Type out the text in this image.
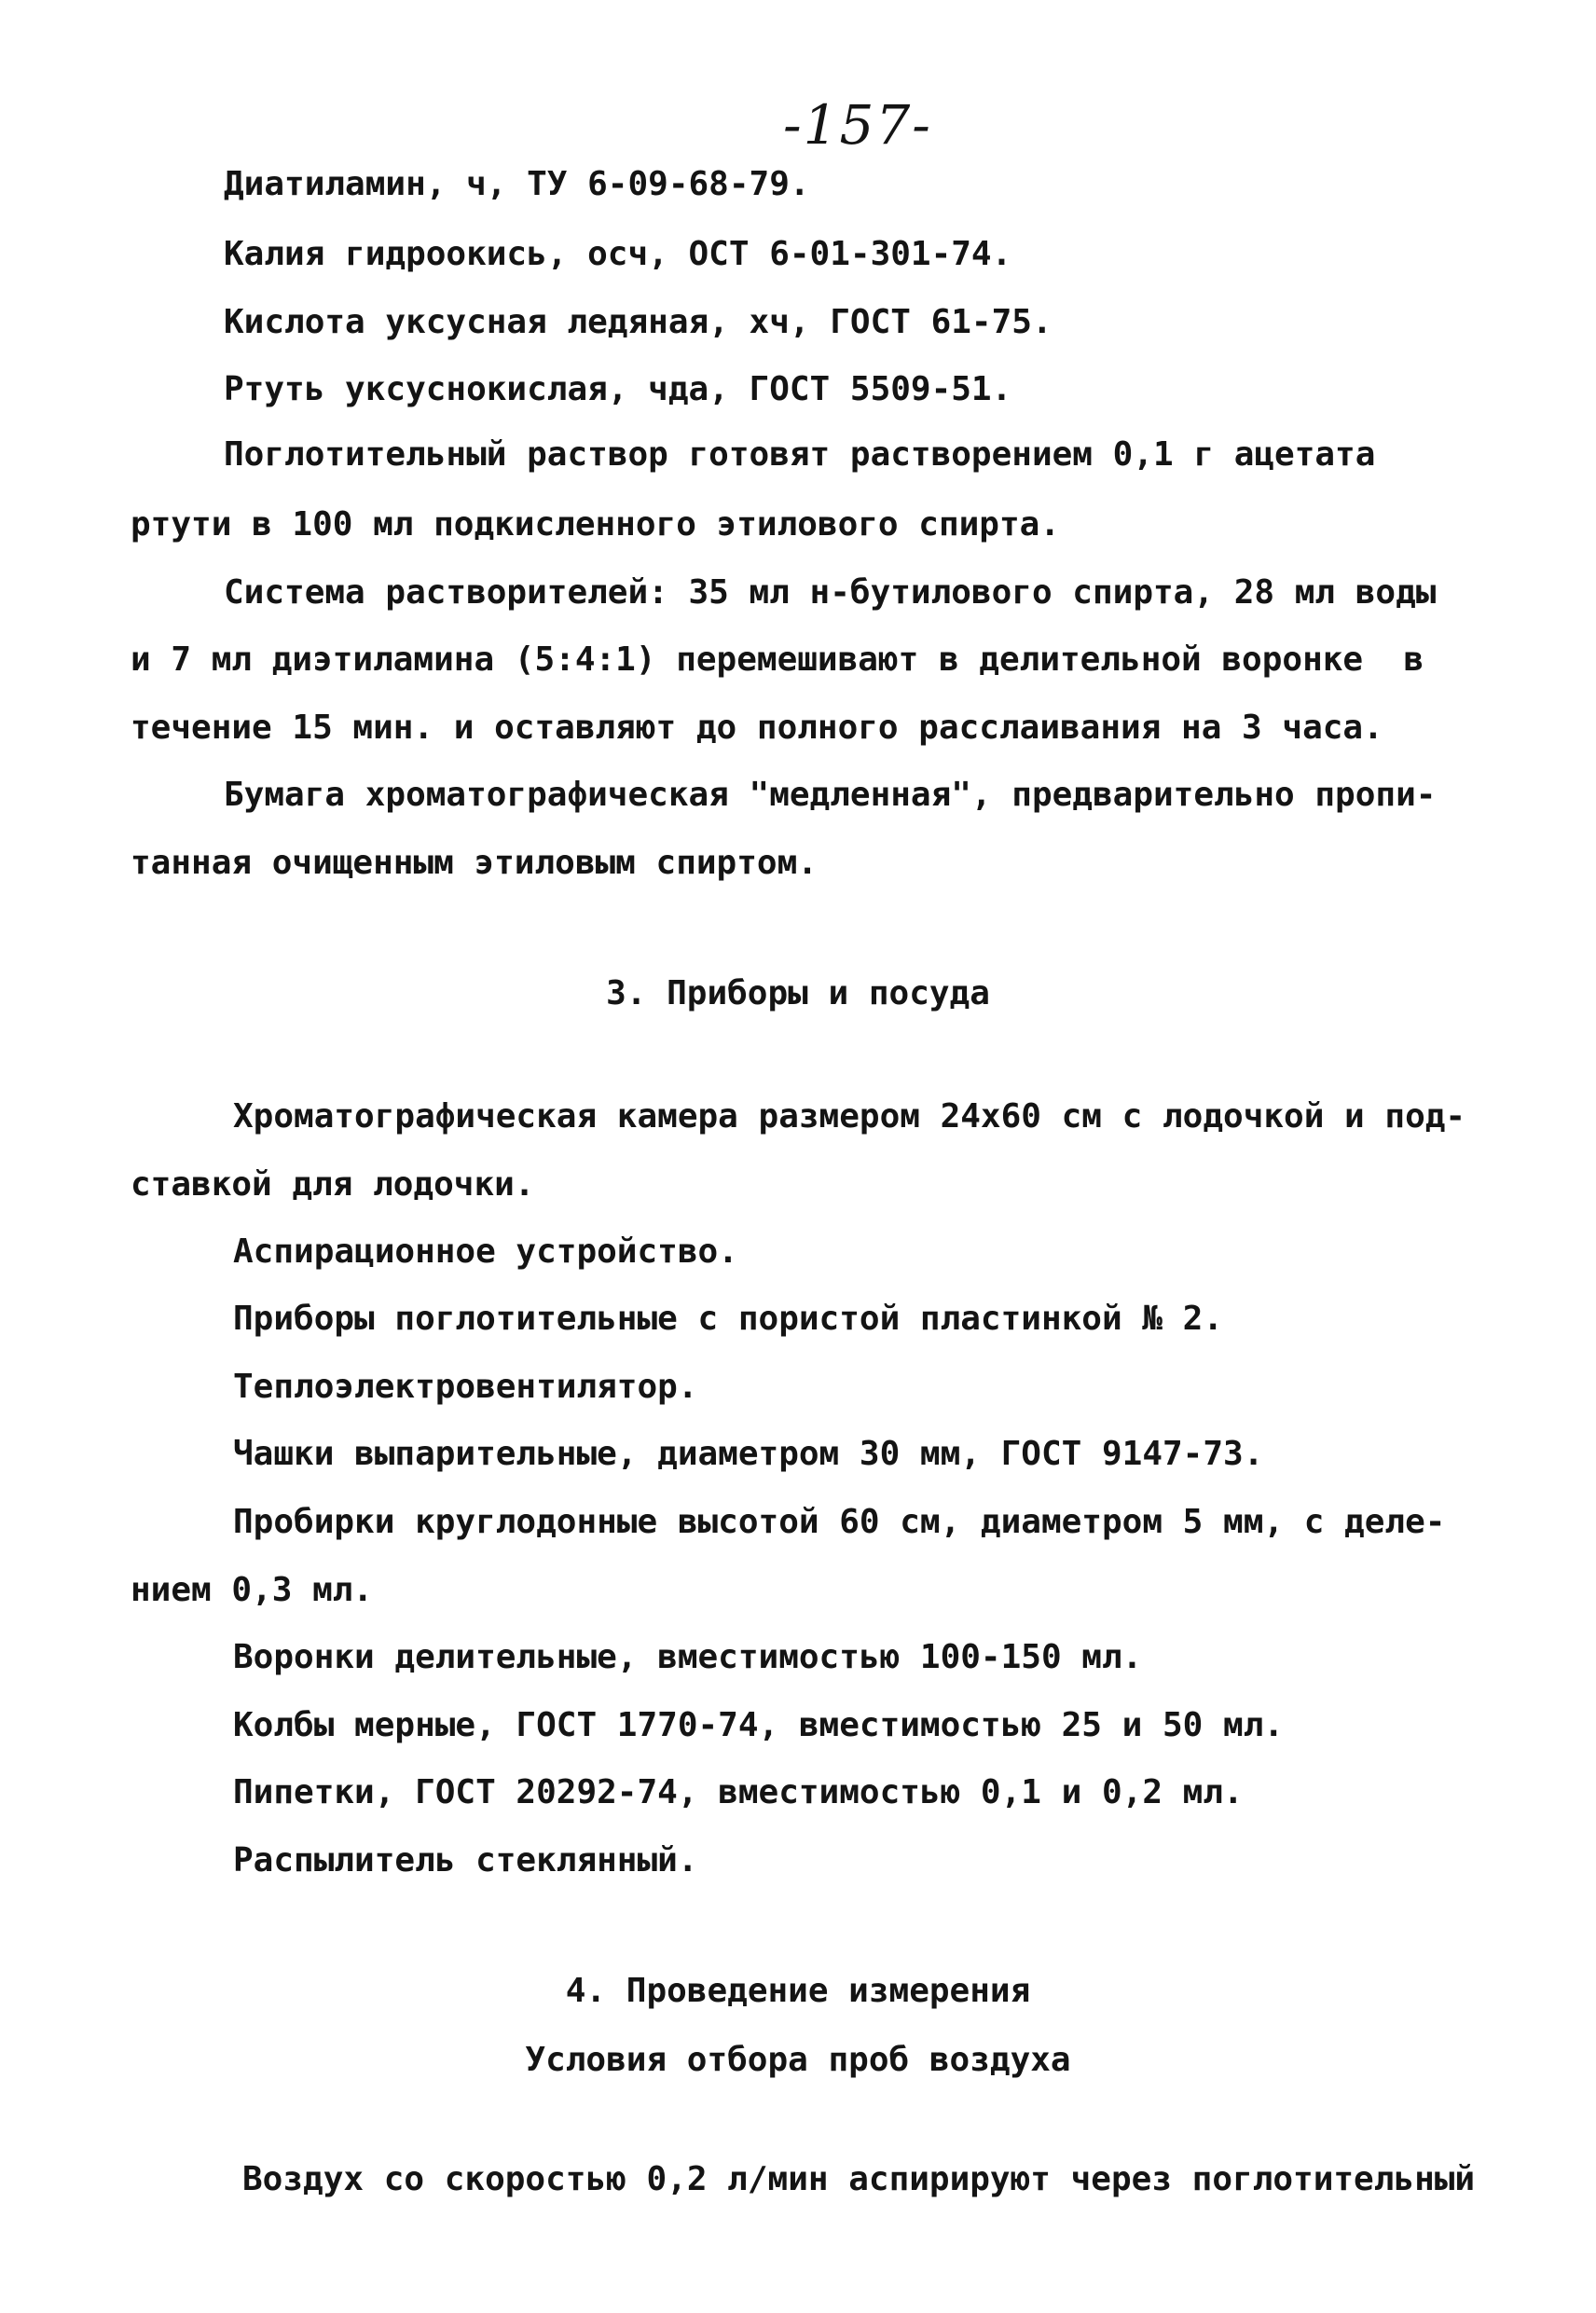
-157-
Диатиламин, ч, ТУ 6-09-68-79.
Калия гидроокись, осч, ОСТ 6-01-301-74.
Кислота уксусная ледяная, хч, ГОСТ 61-75.
Ртуть уксуснокислая, чда, ГОСТ 5509-51.
Поглотительный раствор готовят растворением 0,1 г ацетата
ртути в 100 мл подкисленного этилового спирта.
Система растворителей: 35 мл н-бутилового спирта, 28 мл воды
и 7 мл диэтиламина (5:4:1) перемешивают в делительной воронке  в
течение 15 мин. и оставляют до полного расслаивания на 3 часа.
Бумага хроматографическая "медленная", предварительно пропи-
танная очищенным этиловым спиртом.
3. Приборы и посуда
Хроматографическая камера размером 24х60 см с лодочкой и под-
ставкой для лодочки.
Аспирационное устройство.
Приборы поглотительные с пористой пластинкой № 2.
Теплоэлектровентилятор.
Чашки выпарительные, диаметром 30 мм, ГОСТ 9147-73.
Пробирки круглодонные высотой 60 см, диаметром 5 мм, с деле-
нием 0,3 мл.
Воронки делительные, вместимостью 100-150 мл.
Колбы мерные, ГОСТ 1770-74, вместимостью 25 и 50 мл.
Пипетки, ГОСТ 20292-74, вместимостью 0,1 и 0,2 мл.
Распылитель стеклянный.
4. Проведение измерения
Условия отбора проб воздуха
Воздух со скоростью 0,2 л/мин аспирируют через поглотительный
